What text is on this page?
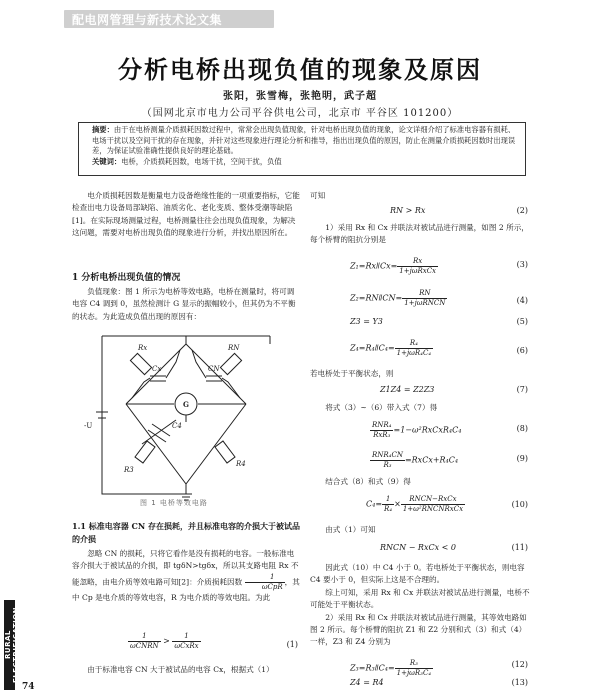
配电网管理与新技术论文集
分析电桥出现负值的现象及原因
张阳，张雪梅，张艳明，武子超
（国网北京市电力公司平谷供电公司，北京市 平谷区 101200）
摘要：由于在电桥测量介质损耗因数过程中，常常会出现负值现象，针对电桥出现负值的现象，论文详细介绍了标准电容器有损耗、电场干扰以及空间干扰的存在现象，并针对这些现象进行理论分析和推导，指出出现负值的原因，防止在测量介质损耗因数时出现误差，为保证试验准确性提供良好的理论基础。
关键词：电桥，介质损耗因数，电场干扰，空间干扰，负值

电介质损耗因数是衡量电力设备绝缘性能的一项重要指标，它能检查出电力设备局部缺陷、油质劣化、老化变质、整体受潮等缺陷[1]。在实际现场测量过程，电桥测量往往会出现负值现象，为解决这问题，需要对电桥出现负值的现象进行分析，并找出原因所在。

1 分析电桥出现负值的情况

负值现象：图 1 所示为电桥等效电路，电桥在测量时，将可调电容 C4 调到 0，虽然检测计 G 显示的振幅较小，但其仍为不平衡的状态。为此造成负值出现的原因有：

Rx	RN
Cx	CN
G
C4
R3
R4
-U
图 1 电桥等效电路
1.1 标准电容器 CN 存在损耗，并且标准电容的介损大于被试品的介损

忽略 CN 的损耗，只将它看作是没有损耗的电容。一般标准电容介损大于被试品的介损，即 tgδN>tgδx，所以其支路电阻 Rx 不能忽略，由电介质等效电路可知[2]：介质损耗因数 $\frac{1}{\text{ωCpR}}$ ，其中 Cp 是电介质的等效电容，R 为电介质的等效电阻。为此

$\frac{1}{\text{ωCNRN}} > \frac{1}{\text{ωCxRx}}$	(1)

由于标准电容 CN 大于被试品的电容 Cx，根据式（1）

可知

RN > Rx	(2)

1）采用 Rx 和 Cx 并联法对被试品进行测量，如图 2 所示，每个桥臂的阻抗分别是

Z₁=RxǁCx= $\frac{Rx}{\text{1+jωRxCx}}$	(3)
Z₂=RNǁCN= $\frac{RN}{\text{1+jωRNCN}}$	(4)
Z3 = Y3	(5)
Z₄=R₄ǁC₄= $\frac{\text{R₄}}{\text{1+jωR₄C₄}}$	(6)

若电桥处于平衡状态，则

Z1Z4 = Z2Z3	(7)

将式（3）~（6）带入式（7）得

$\frac{\text{RNR₄}}{\text{RxR₃}}$ =1−ω²RxCxR₄C₄	(8)
$\frac{\text{RNR₄CN}}{\text{R₃}}$ =RxCx+R₄C₄	(9)

结合式（8）和式（9）得

$C_4= \frac{1}{\text{R₄}} \times \frac{\text{RNCN−RxCx}}{\text{1+ω²RNCNRxCx}}$	(10)

由式（1）可知

RNCN − RxCx < 0	(11)

因此式（10）中 C4 小于 0。若电桥处于平衡状态，则电容 C4 要小于 0，但实际上这是不合理的。

综上可知，采用 Rx 和 Cx 并联法对被试品进行测量，电桥不可能处于平衡状态。

2）采用 Rx 和 Cx 并联法对被试品进行测量，其等效电路如图 2 所示。每个桥臂的阻抗 Z1 和 Z2 分别和式（3）和式（4）一样，Z3 和 Z4 分别为

Z₃=R₃ǁC₄= $\frac{\text{R₃}}{\text{1+jωR₃C₄}}$	(12)
Z4 = R4	(13)
RURAL ELECTRIFICATION
74
